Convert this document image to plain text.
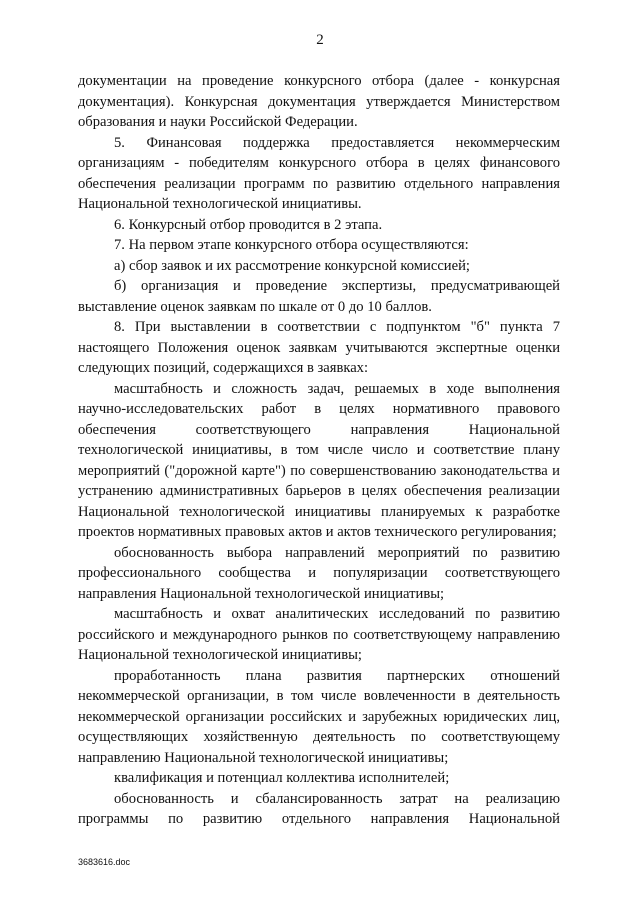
2

документации на проведение конкурсного отбора (далее - конкурсная документация). Конкурсная документация утверждается Министерством образования и науки Российской Федерации.

5. Финансовая поддержка предоставляется некоммерческим организациям - победителям конкурсного отбора в целях финансового обеспечения реализации программ по развитию отдельного направления Национальной технологической инициативы.

6. Конкурсный отбор проводится в 2 этапа.

7. На первом этапе конкурсного отбора осуществляются:

а) сбор заявок и их рассмотрение конкурсной комиссией;

б) организация и проведение экспертизы, предусматривающей выставление оценок заявкам по шкале от 0 до 10 баллов.

8. При выставлении в соответствии с подпунктом "б" пункта 7 настоящего Положения оценок заявкам учитываются экспертные оценки следующих позиций, содержащихся в заявках:

масштабность и сложность задач, решаемых в ходе выполнения научно-исследовательских работ в целях нормативного правового обеспечения соответствующего направления Национальной технологической инициативы, в том числе число и соответствие плану мероприятий ("дорожной карте") по совершенствованию законодательства и устранению административных барьеров в целях обеспечения реализации Национальной технологической инициативы планируемых к разработке проектов нормативных правовых актов и актов технического регулирования;

обоснованность выбора направлений мероприятий по развитию профессионального сообщества и популяризации соответствующего направления Национальной технологической инициативы;

масштабность и охват аналитических исследований по развитию российского и международного рынков по соответствующему направлению Национальной технологической инициативы;

проработанность плана развития партнерских отношений некоммерческой организации, в том числе вовлеченности в деятельность некоммерческой организации российских и зарубежных юридических лиц, осуществляющих хозяйственную деятельность по соответствующему направлению Национальной технологической инициативы;

квалификация и потенциал коллектива исполнителей;

обоснованность и сбалансированность затрат на реализацию программы по развитию отдельного направления Национальной

3683616.doc
